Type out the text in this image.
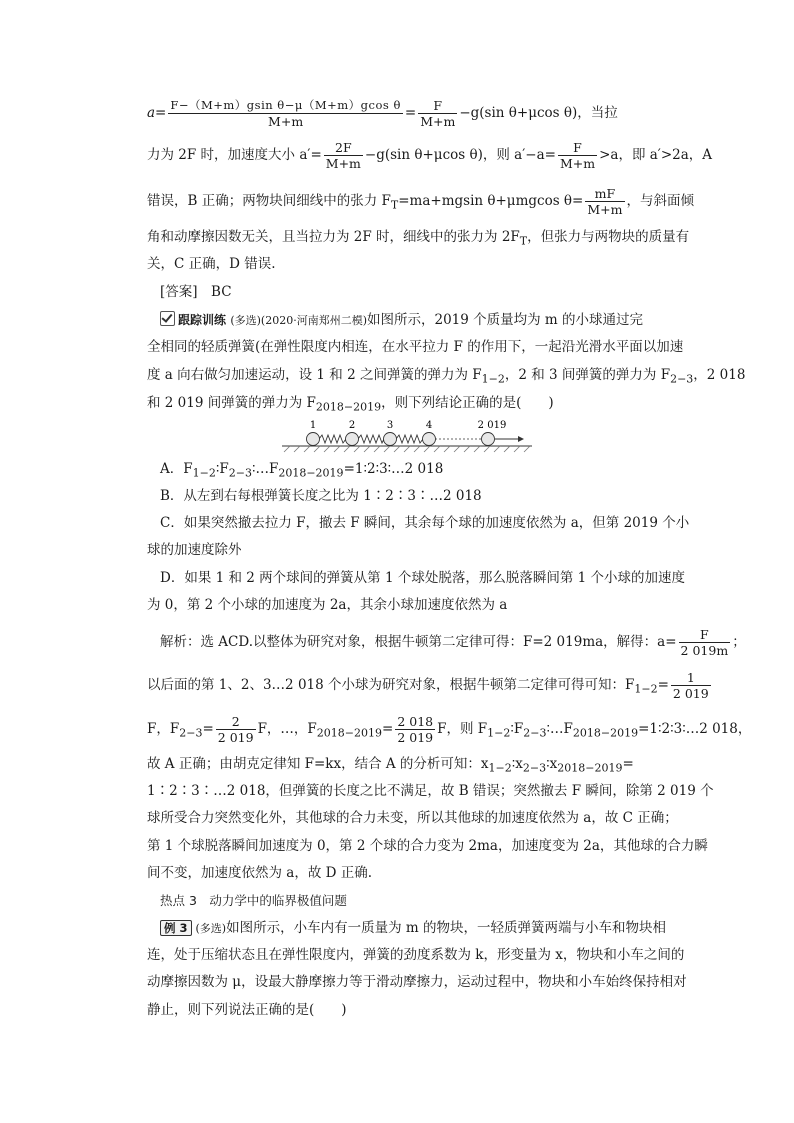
$a= \frac{\text{F−（M+m）gsin θ−μ（M+m）gcos θ}}{M+m} = \frac{F}{M+m} -g(\sin$ θ+μcos θ)，当拉
力为 2F 时，加速度大小 $a'= \frac{2F}{M+m} -g(\sin$ θ+μcos θ)，则 $a'-a= \frac{F}{M+m} >a$，即 a′>2a，A
错误，B 正确；两物块间细线中的张力 $F_T=ma+mgsin$ θ+μmgcos $\theta= \frac{mF}{M+m}$ ，与斜面倾
角和动摩擦因数无关，且当拉力为 2F 时，细线中的张力为 $2F_T$，但张力与两物块的质量有
关，C 正确，D 错误.
[答案]　BC
跟踪训练 (多选)(2020·河南郑州二模)如图所示，2019 个质量均为 m 的小球通过完
全相同的轻质弹簧(在弹性限度内相连，在水平拉力 F 的作用下，一起沿光滑水平面以加速
度 a 向右做匀加速运动，设 1 和 2 之间弹簧的弹力为 $F_{1-2}$，2 和 3 间弹簧的弹力为 $F_{2-3}$，2 018
和 2 019 间弹簧的弹力为 $F_{2018-2019}$，则下列结论正确的是(　　)
1	2	3	4	2 019
A．$F_{1-2}∶F_{2-3}∶\dots F_{2018-2019}=1∶2∶3∶\dots 2$ 018
B．从左到右每根弹簧长度之比为 1∶2∶3∶…2 018
C．如果突然撤去拉力 F，撤去 F 瞬间，其余每个球的加速度依然为 a，但第 2019 个小
球的加速度除外
D．如果 1 和 2 两个球间的弹簧从第 1 个球处脱落，那么脱落瞬间第 1 个小球的加速度
为 0，第 2 个小球的加速度为 2a，其余小球加速度依然为 a
解析：选 ACD.以整体为研究对象，根据牛顿第二定律可得：F=2 019ma，解得：$a= \frac{F}{2 019m}$ ；
以后面的第 1、2、3…2 018 个小球为研究对象，根据牛顿第二定律可得可知：$F_{1-2}= \frac{1}{2 019}$
F，$F_{2-3}= \frac{2}{2 019}$ F，…，$F_{2018-2019}= \frac{2 018}{2 019}$ F，则 $F_{1-2}∶F_{2-3}∶\dots F_{2018-2019}=1∶2∶3∶\dots 2$ 018，
故 A 正确；由胡克定律知 F=kx，结合 A 的分析可知：$x_{1-2}∶x_{2-3}∶x_{2018-2019}=$
1∶2∶3∶…2 018，但弹簧的长度之比不满足，故 B 错误；突然撤去 F 瞬间，除第 2 019 个
球所受合力突然变化外，其他球的合力未变，所以其他球的加速度依然为 a，故 C 正确；
第 1 个球脱落瞬间加速度为 0，第 2 个球的合力变为 2ma，加速度变为 2a，其他球的合力瞬
间不变，加速度依然为 a，故 D 正确.
热点 3　动力学中的临界极值问题
例 3 (多选)如图所示，小车内有一质量为 m 的物块，一轻质弹簧两端与小车和物块相
连，处于压缩状态且在弹性限度内，弹簧的劲度系数为 k，形变量为 x，物块和小车之间的
动摩擦因数为 μ，设最大静摩擦力等于滑动摩擦力，运动过程中，物块和小车始终保持相对
静止，则下列说法正确的是(　　)
